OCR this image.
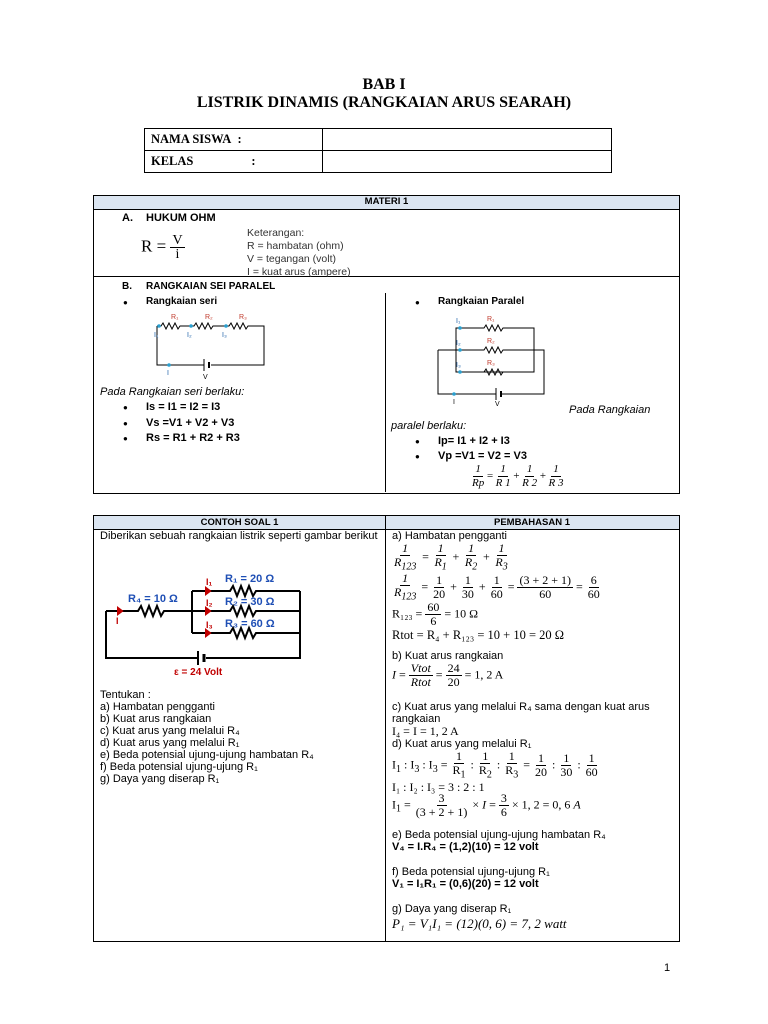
BAB I
LISTRIK DINAMIS (RANGKAIAN ARUS SEARAH)
NAMA SISWA :	
KELAS :	
MATERI 1
A. HUKUM OHM
$R = \frac{V}{i}$
Keterangan:
R = hambatan (ohm)
V = tegangan (volt)
I = kuat arus (ampere)
B. RANGKAIAN SEI PARALEL
● Rangkaian seri
R₁	R₂	R₃
I₁	I₂	I₃
I
V
Pada Rangkaian seri berlaku:
● Is = I1 = I2 = I3
● Vs =V1 + V2 + V3
● Rs = R1 + R2 + R3
● Rangkaian Paralel
R₁
R₂
R₃
I₁
I₂
I₃
I	V	Pada Rangkaian
paralel berlaku:
● Ip= I1 + I2 + I3
● Vp =V1 = V2 = V3
$\frac{1}{Rp} = \frac{1}{R 1} + \frac{1}{R 2} + \frac{1}{R 3}$
CONTOH SOAL 1	PEMBAHASAN 1
Diberikan sebuah rangkaian listrik seperti gambar berikut
R₄ = 10 Ω
R₁ = 20 Ω
R₂ = 30 Ω
R₃ = 60 Ω
I₁
I₂
I₃
I
ε = 24 Volt
Tentukan :
a) Hambatan pengganti
b) Kuat arus rangkaian
c) Kuat arus yang melalui R₄
d) Kuat arus yang melalui R₁
e) Beda potensial ujung-ujung hambatan R₄
f) Beda potensial ujung-ujung R₁
g) Daya yang diserap R₁
a) Hambatan pengganti
$\frac{1}{R_{123}} = \frac{1}{R_1} + \frac{1}{R_2} + \frac{1}{R_3}$
$\frac{1}{R_{123}} = \frac{1}{20} + \frac{1}{30} + \frac{1}{60} = \frac{(3 + 2 + 1)}{60} = \frac{6}{60}$
$R_{123} = \frac{60}{6} = 10$ Ω
Rtot = R₄ + R₁₂₃ = 10 + 10 = 20 Ω
b) Kuat arus rangkaian
$I = \frac{\text{Vtot}}{\text{Rtot}} = \frac{24}{20} = 1$, 2 A
c) Kuat arus yang melalui R₄ sama dengan kuat arus rangkaian
I₄ = I = 1, 2 A
d) Kuat arus yang melalui R₁
$I_1$ : $I_3$ : $I_3 = \frac{1}{R_1}$ : $\frac{1}{R_2}$ : $\frac{1}{R_3} = \frac{1}{20}$ : $\frac{1}{30}$ : $\frac{1}{60}$
I₁ : I₂ : I₃ = 3 : 2 : 1
$I_1 = \frac{3}{(3 + 2 + 1)} \times I = \frac{3}{6} \times 1$, 2 = 0, 6 A
e) Beda potensial ujung-ujung hambatan R₄
V₄ = I.R₄ = (1,2)(10) = 12 volt
f) Beda potensial ujung-ujung R₁
V₁ = I₁R₁ = (0,6)(20) = 12 volt
g) Daya yang diserap R₁
P₁ = V₁I₁ = (12)(0, 6) = 7, 2 watt
1
